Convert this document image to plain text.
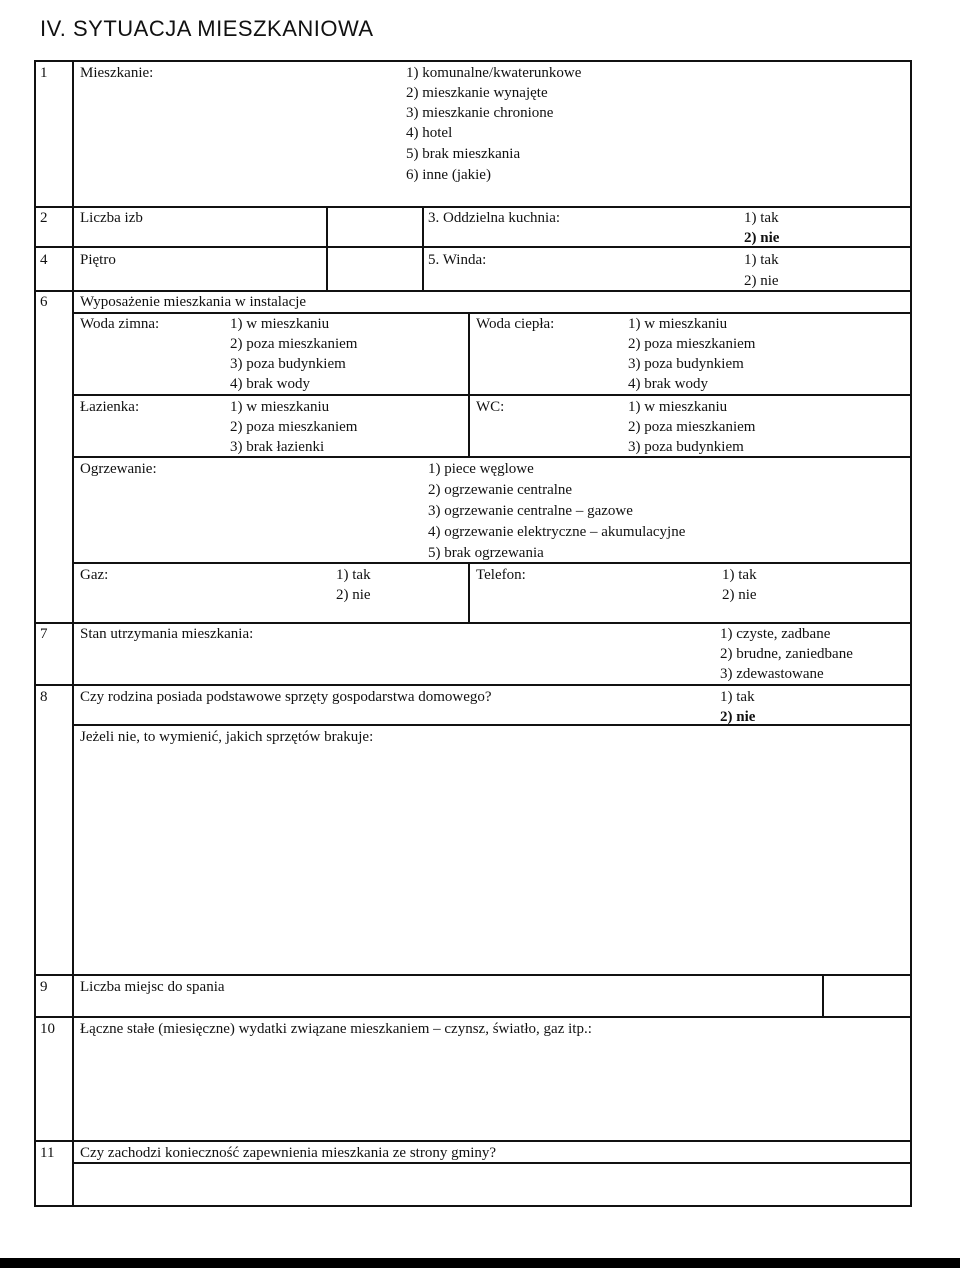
IV. SYTUACJA MIESZKANIOWA
1 Mieszkanie:	1) komunalne/kwaterunkowe
2) mieszkanie wynajęte
3) mieszkanie chronione
4) hotel
5) brak mieszkania
6) inne (jakie)
2 Liczba izb	3. Oddzielna kuchnia:	1) tak
2) nie
4 Piętro	5. Winda:	1) tak
2) nie
6 Wyposażenie mieszkania w instalacje
Woda zimna:	1) w mieszkaniu
2) poza mieszkaniem
3) poza budynkiem
4) brak wody
Woda ciepła:	1) w mieszkaniu
2) poza mieszkaniem
3) poza budynkiem
4) brak wody
Łazienka:	1) w mieszkaniu
2) poza mieszkaniem
3) brak łazienki
WC:	1) w mieszkaniu
2) poza mieszkaniem
3) poza budynkiem
Ogrzewanie:	1) piece węglowe
2) ogrzewanie centralne
3) ogrzewanie centralne – gazowe
4) ogrzewanie elektryczne – akumulacyjne
5) brak ogrzewania
Gaz:	1) tak
2) nie
Telefon:	1) tak
2) nie
7 Stan utrzymania mieszkania:	1) czyste, zadbane
2) brudne, zaniedbane
3) zdewastowane
8 Czy rodzina posiada podstawowe sprzęty gospodarstwa domowego?	1) tak
2) nie
Jeżeli nie, to wymienić, jakich sprzętów brakuje:
9 Liczba miejsc do spania
10 Łączne stałe (miesięczne) wydatki związane mieszkaniem – czynsz, światło, gaz itp.:
11 Czy zachodzi konieczność zapewnienia mieszkania ze strony gminy?
